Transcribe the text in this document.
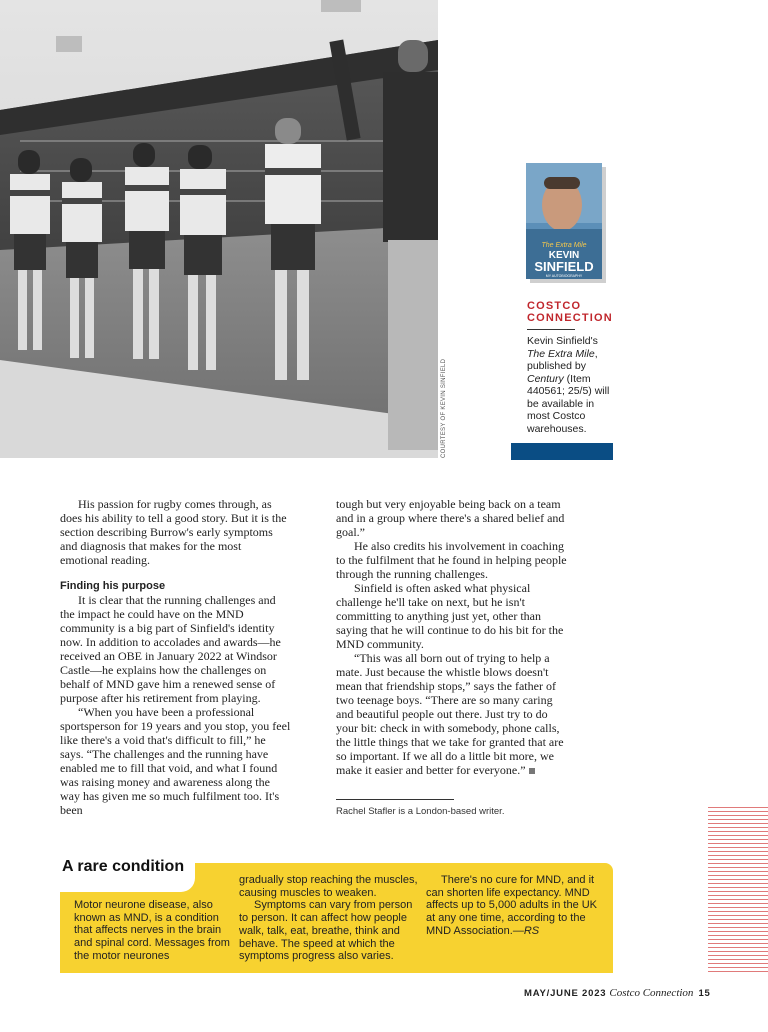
COURTESY OF KEVIN SINFIELD
The Extra Mile
KEVIN
SINFIELD
MY AUTOBIOGRAPHY
COSTCO CONNECTION
Kevin Sinfield's The Extra Mile, published by Century (Item 440561; 25/5) will be available in most Costco warehouses.

His passion for rugby comes through, as does his ability to tell a good story. But it is the section describing Burrow's early symptoms and diagnosis that makes for the most emotional reading.

Finding his purpose

It is clear that the running challenges and the impact he could have on the MND community is a big part of Sinfield's identity now. In addition to accolades and awards—he received an OBE in January 2022 at Windsor Castle—he explains how the challenges on behalf of MND gave him a renewed sense of purpose after his retirement from playing.

“When you have been a professional sportsperson for 19 years and you stop, you feel like there's a void that's difficult to fill,” he says. “The challenges and the running have enabled me to fill that void, and what I found was raising money and awareness along the way has given me so much fulfilment too. It's been

tough but very enjoyable being back on a team and in a group where there's a shared belief and goal.”

He also credits his involvement in coaching to the fulfilment that he found in helping people through the running challenges.

Sinfield is often asked what physical challenge he'll take on next, but he isn't committing to anything just yet, other than saying that he will continue to do his bit for the MND community.

“This was all born out of trying to help a mate. Just because the whistle blows doesn't mean that friendship stops,” says the father of two teenage boys. “There are so many caring and beautiful people out there. Just try to do your bit: check in with somebody, phone calls, the little things that we take for granted that are so important. If we all do a little bit more, we make it easier and better for everyone.”

Rachel Stafler is a London-based writer.
A rare condition

Motor neurone disease, also known as MND, is a condition that affects nerves in the brain and spinal cord. Messages from the motor neurones

gradually stop reaching the muscles, causing muscles to weaken.

Symptoms can vary from person to person. It can affect how people walk, talk, eat, breathe, think and behave. The speed at which the symptoms progress also varies.

There's no cure for MND, and it can shorten life expectancy. MND affects up to 5,000 adults in the UK at any one time, according to the MND Association.—RS

MAY/JUNE 2023 Costco Connection 15
